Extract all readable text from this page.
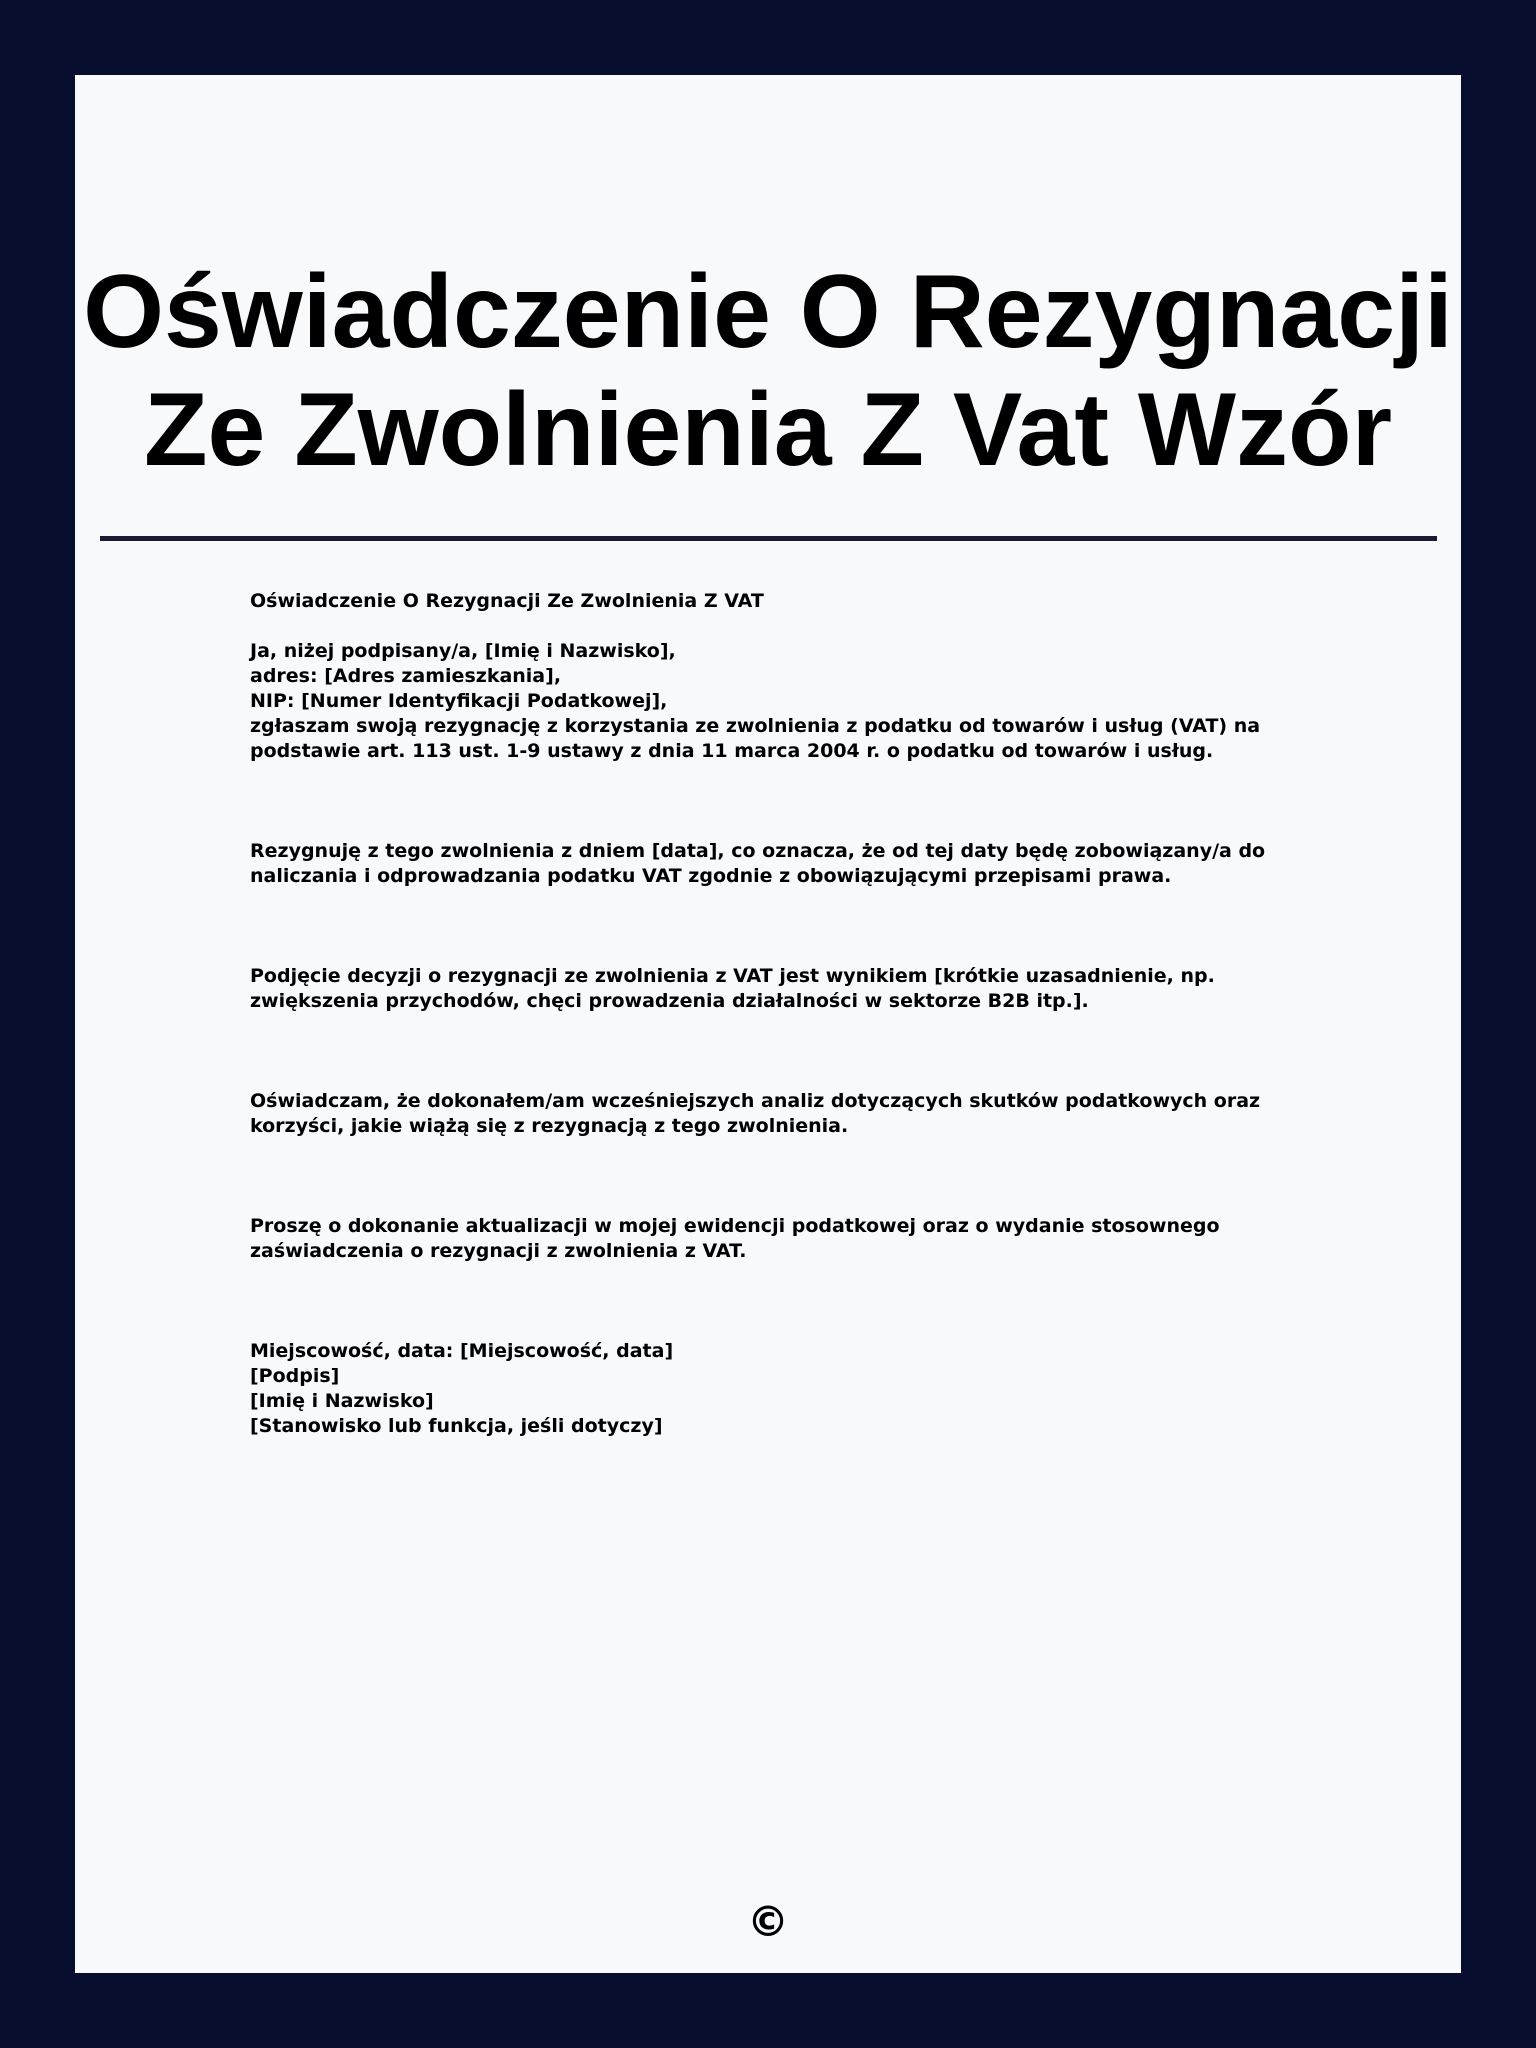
Oświadczenie O Rezygnacji
Ze Zwolnienia Z Vat Wzór

Oświadczenie O Rezygnacji Ze Zwolnienia Z VAT

Ja, niżej podpisany/a, [Imię i Nazwisko],
adres: [Adres zamieszkania],
NIP: [Numer Identyfikacji Podatkowej],
zgłaszam swoją rezygnację z korzystania ze zwolnienia z podatku od towarów i usług (VAT) na podstawie art. 113 ust. 1-9 ustawy z dnia 11 marca 2004 r. o podatku od towarów i usług.

Rezygnuję z tego zwolnienia z dniem [data], co oznacza, że od tej daty będę zobowiązany/a do naliczania i odprowadzania podatku VAT zgodnie z obowiązującymi przepisami prawa.

Podjęcie decyzji o rezygnacji ze zwolnienia z VAT jest wynikiem [krótkie uzasadnienie, np. zwiększenia przychodów, chęci prowadzenia działalności w sektorze B2B itp.].

Oświadczam, że dokonałem/am wcześniejszych analiz dotyczących skutków podatkowych oraz korzyści, jakie wiążą się z rezygnacją z tego zwolnienia.

Proszę o dokonanie aktualizacji w mojej ewidencji podatkowej oraz o wydanie stosownego zaświadczenia o rezygnacji z zwolnienia z VAT.

Miejscowość, data: [Miejscowość, data]
[Podpis]
[Imię i Nazwisko]
[Stanowisko lub funkcja, jeśli dotyczy]

©
